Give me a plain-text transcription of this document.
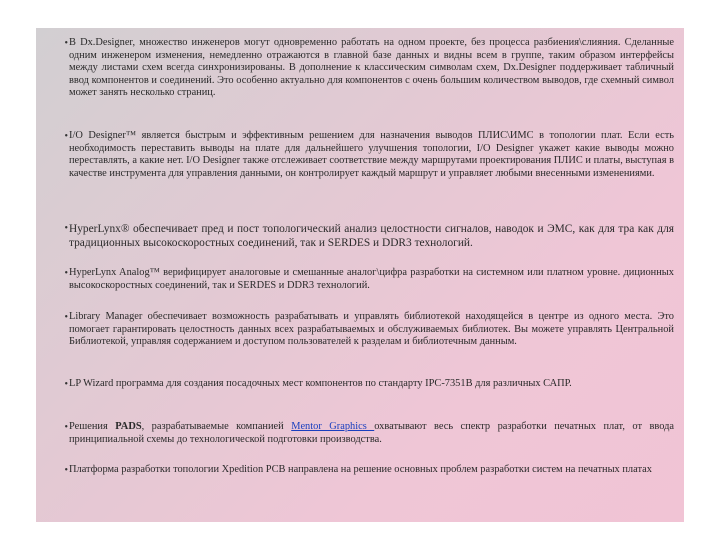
• В Dx.Designer, множество инженеров могут одновременно работать на одном проекте, без процесса разбиения\слияния. Сделанные одним инженером изменения, немедленно отражаются в главной базе данных и видны всем в группе, таким образом интерфейсы между листами схем всегда синхронизированы. В дополнение к классическим символам схем, Dx.Designer поддерживает табличный ввод компонентов и соединений. Это особенно актуально для компонентов с очень большим количеством выводов, где схемный символ может занять несколько страниц.
• I/O Designer™ является быстрым и эффективным решением для назначения выводов ПЛИС\ИМС в топологии плат. Если есть необходимость переставить выводы на плате для дальнейшего улучшения топологии, I/O Designer укажет какие выводы можно переставлять, а какие нет. I/O Designer также отслеживает соответствие между маршрутами проектирования ПЛИС и платы, выступая в качестве инструмента для управления данными, он контролирует каждый маршрут и управляет любыми внесенными изменениями.
• HyperLynx® обеспечивает пред и пост топологический анализ целостности сигналов, наводок и ЭМС, как для тра как для традиционных высокоскоростных соединений, так и SERDES и DDR3 технологий.
• HyperLynx Analog™ верифицирует аналоговые и смешанные аналог\цифра разработки на системном или платном уровне. дициoнных высокоскоростных соединений, так и SERDES и DDR3 технологий.
• Library Manager обеспечивает возможность разрабатывать и управлять библиотекой находящейся в центре из одного места. Это помогает гарантировать целостность данных всех разрабатываемых и обслуживаемых библиотек. Вы можете управлять Центральной Библиотекой, управляя содержанием и доступом пользователей к разделам и библиотечным данным.
• LP Wizard программа для создания посадочных мест компонентов по стандарту IPC-7351B для различных САПР.
• Решения PADS, разрабатываемые компанией Mentor Graphics охватывают весь спектр разработки печатных плат, от ввода принципиальной схемы до технологической подготовки производства.
• Платформа разработки топологии Xpedition PCB направлена на решение основных проблем разработки систем на печатных платах
